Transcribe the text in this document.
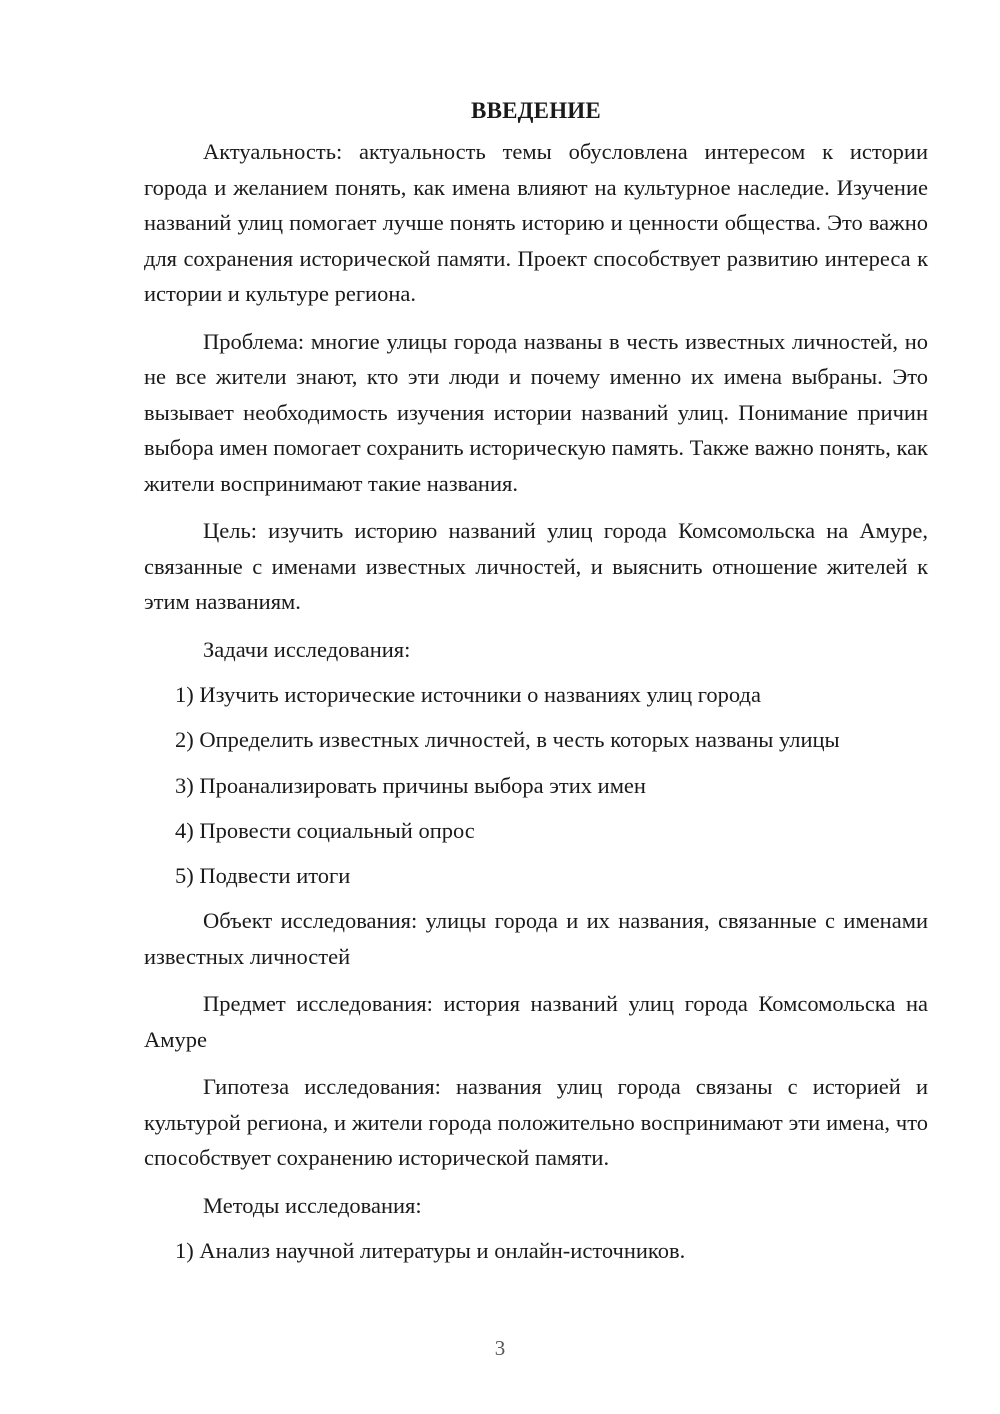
ВВЕДЕНИЕ

Актуальность: актуальность темы обусловлена интересом к истории города и желанием понять, как имена влияют на культурное наследие. Изучение названий улиц помогает лучше понять историю и ценности общества. Это важно для сохранения исторической памяти. Проект способствует развитию интереса к истории и культуре региона.

Проблема: многие улицы города названы в честь известных личностей, но не все жители знают, кто эти люди и почему именно их имена выбраны. Это вызывает необходимость изучения истории названий улиц. Понимание причин выбора имен помогает сохранить историческую память. Также важно понять, как жители воспринимают такие названия.

Цель: изучить историю названий улиц города Комсомольска на Амуре, связанные с именами известных личностей, и выяснить отношение жителей к этим названиям.

Задачи исследования:

1) Изучить исторические источники о названиях улиц города
2) Определить известных личностей, в честь которых названы улицы
3) Проанализировать причины выбора этих имен
4) Провести социальный опрос
5) Подвести итоги

Объект исследования: улицы города и их названия, связанные с именами известных личностей

Предмет исследования: история названий улиц города Комсомольска на Амуре

Гипотеза исследования: названия улиц города связаны с историей и культурой региона, и жители города положительно воспринимают эти имена, что способствует сохранению исторической памяти.

Методы исследования:

1) Анализ научной литературы и онлайн-источников.
3
